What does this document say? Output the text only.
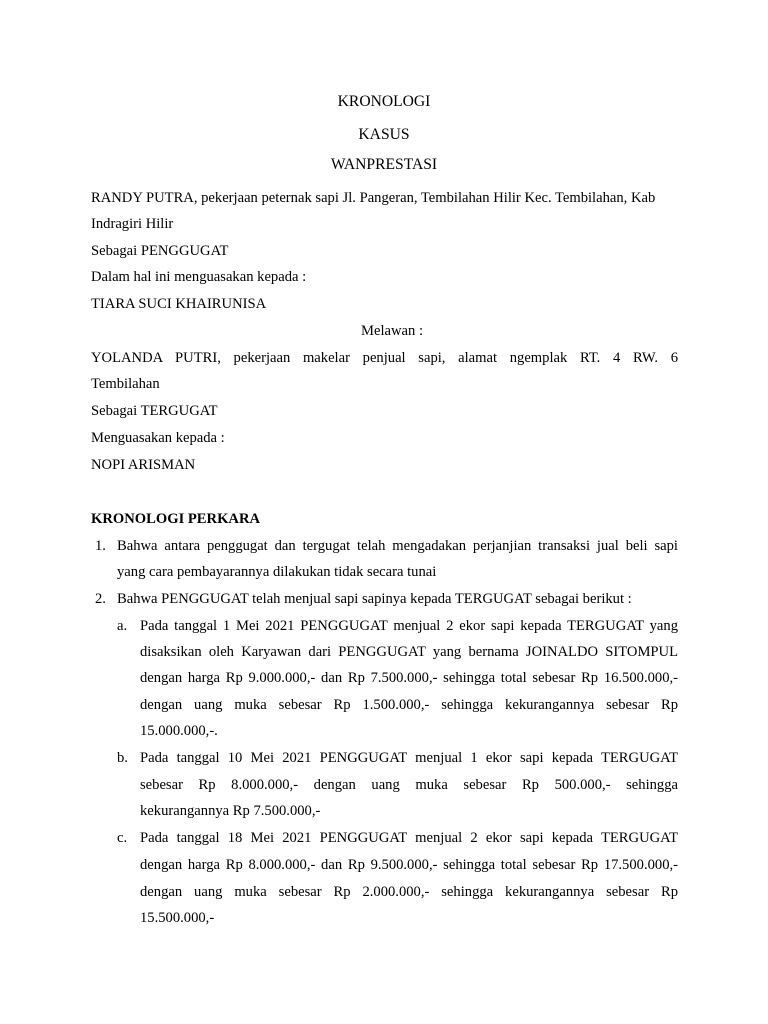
KRONOLOGI
KASUS
WANPRESTASI
RANDY PUTRA, pekerjaan peternak sapi Jl. Pangeran, Tembilahan Hilir Kec. Tembilahan, Kab
Indragiri Hilir
Sebagai PENGGUGAT
Dalam hal ini menguasakan kepada :
TIARA SUCI KHAIRUNISA
Melawan :
YOLANDA PUTRI, pekerjaan makelar penjual sapi, alamat ngemplak RT. 4 RW. 6
Tembilahan
Sebagai TERGUGAT
Menguasakan kepada :
NOPI ARISMAN
KRONOLOGI PERKARA
1. Bahwa antara penggugat dan tergugat telah mengadakan perjanjian transaksi jual beli sapi
yang cara pembayarannya dilakukan tidak secara tunai
2. Bahwa PENGGUGAT telah menjual sapi sapinya kepada TERGUGAT sebagai berikut :
a. Pada tanggal 1 Mei 2021 PENGGUGAT menjual 2 ekor sapi kepada TERGUGAT yang
disaksikan oleh Karyawan dari PENGGUGAT yang bernama JOINALDO SITOMPUL
dengan harga Rp 9.000.000,- dan Rp 7.500.000,- sehingga total sebesar Rp 16.500.000,-
dengan uang muka sebesar Rp 1.500.000,- sehingga kekurangannya sebesar Rp
15.000.000,-.
b. Pada tanggal 10 Mei 2021 PENGGUGAT menjual 1 ekor sapi kepada TERGUGAT
sebesar Rp 8.000.000,- dengan uang muka sebesar Rp 500.000,- sehingga
kekurangannya Rp 7.500.000,-
c. Pada tanggal 18 Mei 2021 PENGGUGAT menjual 2 ekor sapi kepada TERGUGAT
dengan harga Rp 8.000.000,- dan Rp 9.500.000,- sehingga total sebesar Rp 17.500.000,-
dengan uang muka sebesar Rp 2.000.000,- sehingga kekurangannya sebesar Rp
15.500.000,-
